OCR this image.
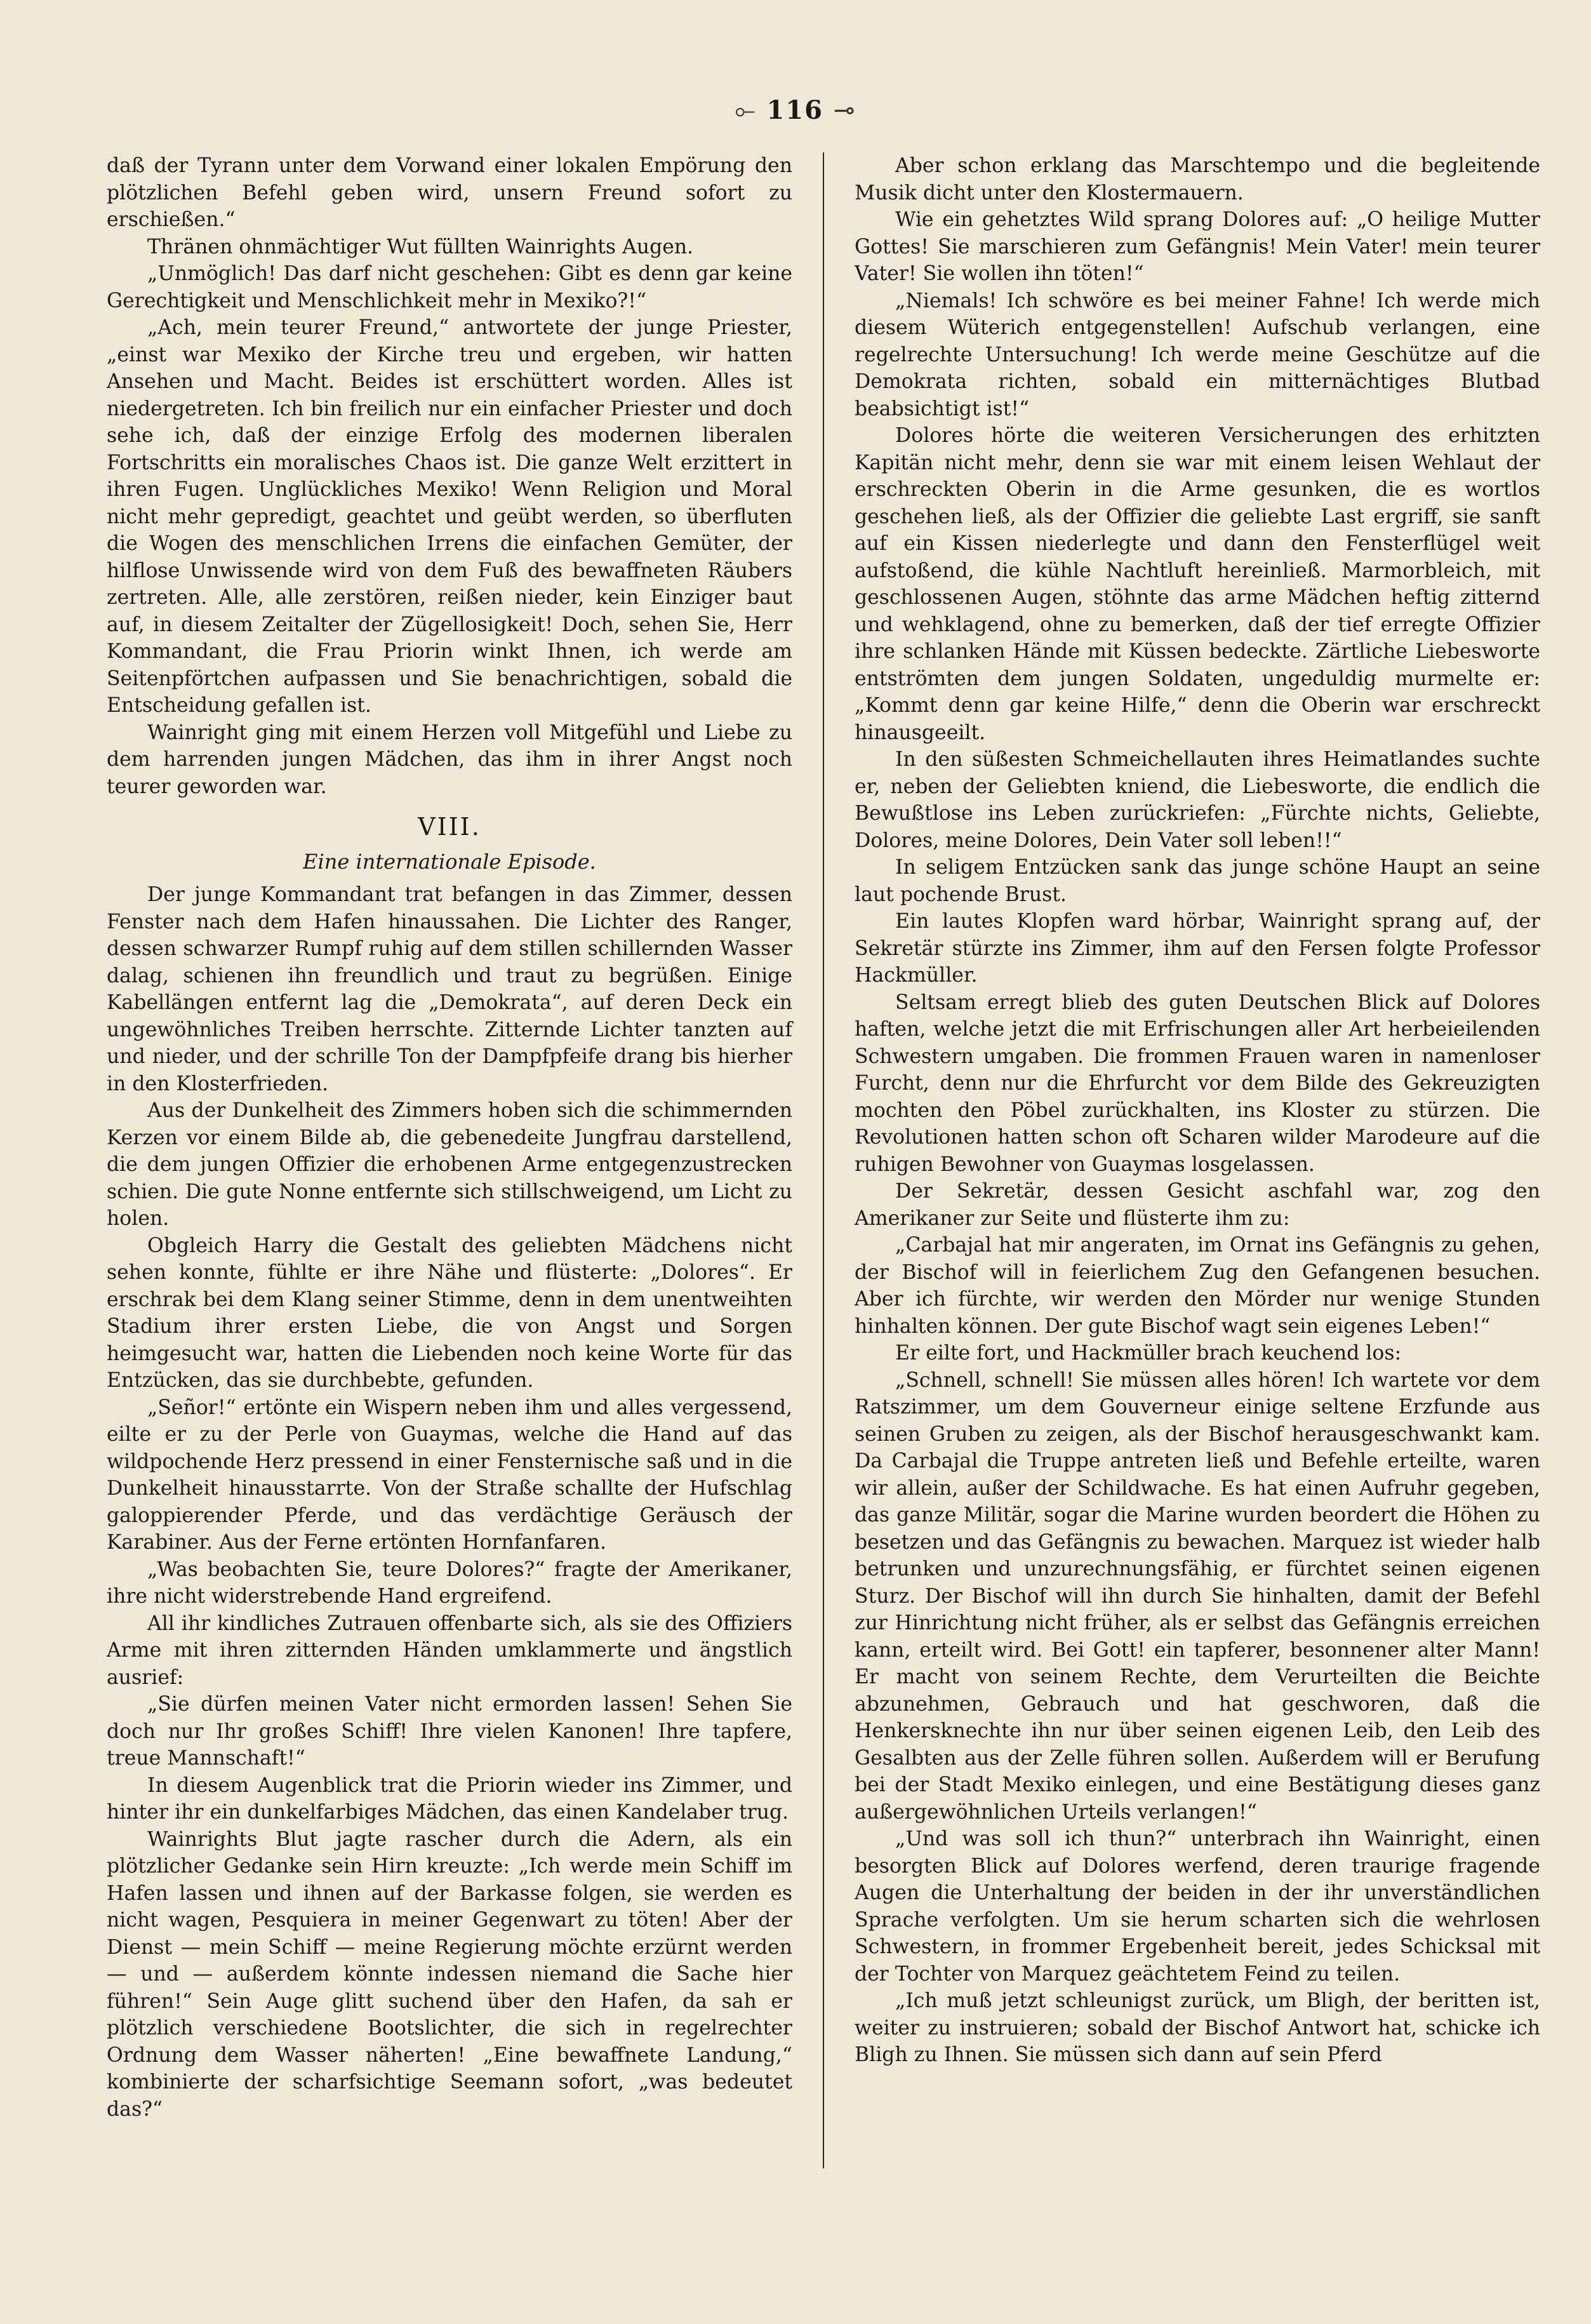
⟜ 116 ⊸

daß der Tyrann unter dem Vorwand einer lokalen Empörung den plötzlichen Befehl geben wird, unsern Freund sofort zu erschießen.“

Thränen ohnmächtiger Wut füllten Wainrights Augen.

„Unmöglich! Das darf nicht geschehen: Gibt es denn gar keine Gerechtigkeit und Menschlichkeit mehr in Mexiko?!“

„Ach, mein teurer Freund,“ antwortete der junge Priester, „einst war Mexiko der Kirche treu und ergeben, wir hatten Ansehen und Macht. Beides ist erschüttert worden. Alles ist niedergetreten. Ich bin freilich nur ein einfacher Priester und doch sehe ich, daß der einzige Erfolg des modernen liberalen Fortschritts ein moralisches Chaos ist. Die ganze Welt erzittert in ihren Fugen. Unglückliches Mexiko! Wenn Religion und Moral nicht mehr gepredigt, geachtet und geübt werden, so überfluten die Wogen des menschlichen Irrens die einfachen Gemüter, der hilflose Unwissende wird von dem Fuß des bewaffneten Räubers zertreten. Alle, alle zerstören, reißen nieder, kein Einziger baut auf, in diesem Zeitalter der Zügellosigkeit! Doch, sehen Sie, Herr Kommandant, die Frau Priorin winkt Ihnen, ich werde am Seitenpförtchen aufpassen und Sie benachrichtigen, sobald die Entscheidung gefallen ist.

Wainright ging mit einem Herzen voll Mitgefühl und Liebe zu dem harrenden jungen Mädchen, das ihm in ihrer Angst noch teurer geworden war.

VIII.
Eine internationale Episode.

Der junge Kommandant trat befangen in das Zimmer, dessen Fenster nach dem Hafen hinaussahen. Die Lichter des Ranger, dessen schwarzer Rumpf ruhig auf dem stillen schillernden Wasser dalag, schienen ihn freundlich und traut zu begrüßen. Einige Kabellängen entfernt lag die „Demokrata“, auf deren Deck ein ungewöhnliches Treiben herrschte. Zitternde Lichter tanzten auf und nieder, und der schrille Ton der Dampfpfeife drang bis hierher in den Klosterfrieden.

Aus der Dunkelheit des Zimmers hoben sich die schimmernden Kerzen vor einem Bilde ab, die gebenedeite Jungfrau darstellend, die dem jungen Offizier die erhobenen Arme entgegenzustrecken schien. Die gute Nonne entfernte sich stillschweigend, um Licht zu holen.

Obgleich Harry die Gestalt des geliebten Mädchens nicht sehen konnte, fühlte er ihre Nähe und flüsterte: „Dolores“. Er erschrak bei dem Klang seiner Stimme, denn in dem unentweihten Stadium ihrer ersten Liebe, die von Angst und Sorgen heimgesucht war, hatten die Liebenden noch keine Worte für das Entzücken, das sie durchbebte, gefunden.

„Señor!“ ertönte ein Wispern neben ihm und alles vergessend, eilte er zu der Perle von Guaymas, welche die Hand auf das wildpochende Herz pressend in einer Fensternische saß und in die Dunkelheit hinausstarrte. Von der Straße schallte der Hufschlag galoppierender Pferde, und das verdächtige Geräusch der Karabiner. Aus der Ferne ertönten Hornfanfaren.

„Was beobachten Sie, teure Dolores?“ fragte der Amerikaner, ihre nicht widerstrebende Hand ergreifend.

All ihr kindliches Zutrauen offenbarte sich, als sie des Offiziers Arme mit ihren zitternden Händen umklammerte und ängstlich ausrief:

„Sie dürfen meinen Vater nicht ermorden lassen! Sehen Sie doch nur Ihr großes Schiff! Ihre vielen Kanonen! Ihre tapfere, treue Mannschaft!“

In diesem Augenblick trat die Priorin wieder ins Zimmer, und hinter ihr ein dunkelfarbiges Mädchen, das einen Kandelaber trug.

Wainrights Blut jagte rascher durch die Adern, als ein plötzlicher Gedanke sein Hirn kreuzte: „Ich werde mein Schiff im Hafen lassen und ihnen auf der Barkasse folgen, sie werden es nicht wagen, Pesquiera in meiner Gegenwart zu töten! Aber der Dienst — mein Schiff — meine Regierung möchte erzürnt werden — und — außerdem könnte indessen niemand die Sache hier führen!“ Sein Auge glitt suchend über den Hafen, da sah er plötzlich verschiedene Bootslichter, die sich in regelrechter Ordnung dem Wasser näherten! „Eine bewaffnete Landung,“ kombinierte der scharfsichtige Seemann sofort, „was bedeutet das?“

Aber schon erklang das Marschtempo und die begleitende Musik dicht unter den Klostermauern.

Wie ein gehetztes Wild sprang Dolores auf: „O heilige Mutter Gottes! Sie marschieren zum Gefängnis! Mein Vater! mein teurer Vater! Sie wollen ihn töten!“

„Niemals! Ich schwöre es bei meiner Fahne! Ich werde mich diesem Wüterich entgegenstellen! Aufschub verlangen, eine regelrechte Untersuchung! Ich werde meine Geschütze auf die Demokrata richten, sobald ein mitternächtiges Blutbad beabsichtigt ist!“

Dolores hörte die weiteren Versicherungen des erhitzten Kapitän nicht mehr, denn sie war mit einem leisen Wehlaut der erschreckten Oberin in die Arme gesunken, die es wortlos geschehen ließ, als der Offizier die geliebte Last ergriff, sie sanft auf ein Kissen niederlegte und dann den Fensterflügel weit aufstoßend, die kühle Nachtluft hereinließ. Marmorbleich, mit geschlossenen Augen, stöhnte das arme Mädchen heftig zitternd und wehklagend, ohne zu bemerken, daß der tief erregte Offizier ihre schlanken Hände mit Küssen bedeckte. Zärtliche Liebesworte entströmten dem jungen Soldaten, ungeduldig murmelte er: „Kommt denn gar keine Hilfe,“ denn die Oberin war erschreckt hinausgeeilt.

In den süßesten Schmeichellauten ihres Heimatlandes suchte er, neben der Geliebten kniend, die Liebesworte, die endlich die Bewußtlose ins Leben zurückriefen: „Fürchte nichts, Geliebte, Dolores, meine Dolores, Dein Vater soll leben!!“

In seligem Entzücken sank das junge schöne Haupt an seine laut pochende Brust.

Ein lautes Klopfen ward hörbar, Wainright sprang auf, der Sekretär stürzte ins Zimmer, ihm auf den Fersen folgte Professor Hackmüller.

Seltsam erregt blieb des guten Deutschen Blick auf Dolores haften, welche jetzt die mit Erfrischungen aller Art herbeieilenden Schwestern umgaben. Die frommen Frauen waren in namenloser Furcht, denn nur die Ehrfurcht vor dem Bilde des Gekreuzigten mochten den Pöbel zurückhalten, ins Kloster zu stürzen. Die Revolutionen hatten schon oft Scharen wilder Marodeure auf die ruhigen Bewohner von Guaymas losgelassen.

Der Sekretär, dessen Gesicht aschfahl war, zog den Amerikaner zur Seite und flüsterte ihm zu:

„Carbajal hat mir angeraten, im Ornat ins Gefängnis zu gehen, der Bischof will in feierlichem Zug den Gefangenen besuchen. Aber ich fürchte, wir werden den Mörder nur wenige Stunden hinhalten können. Der gute Bischof wagt sein eigenes Leben!“

Er eilte fort, und Hackmüller brach keuchend los:

„Schnell, schnell! Sie müssen alles hören! Ich wartete vor dem Ratszimmer, um dem Gouverneur einige seltene Erzfunde aus seinen Gruben zu zeigen, als der Bischof herausgeschwankt kam. Da Carbajal die Truppe antreten ließ und Befehle erteilte, waren wir allein, außer der Schildwache. Es hat einen Aufruhr gegeben, das ganze Militär, sogar die Marine wurden beordert die Höhen zu besetzen und das Gefängnis zu bewachen. Marquez ist wieder halb betrunken und unzurechnungsfähig, er fürchtet seinen eigenen Sturz. Der Bischof will ihn durch Sie hinhalten, damit der Befehl zur Hinrichtung nicht früher, als er selbst das Gefängnis erreichen kann, erteilt wird. Bei Gott! ein tapferer, besonnener alter Mann! Er macht von seinem Rechte, dem Verurteilten die Beichte abzunehmen, Gebrauch und hat geschworen, daß die Henkersknechte ihn nur über seinen eigenen Leib, den Leib des Gesalbten aus der Zelle führen sollen. Außerdem will er Berufung bei der Stadt Mexiko einlegen, und eine Bestätigung dieses ganz außergewöhnlichen Urteils verlangen!“

„Und was soll ich thun?“ unterbrach ihn Wainright, einen besorgten Blick auf Dolores werfend, deren traurige fragende Augen die Unterhaltung der beiden in der ihr unverständlichen Sprache verfolgten. Um sie herum scharten sich die wehrlosen Schwestern, in frommer Ergebenheit bereit, jedes Schicksal mit der Tochter von Marquez geächtetem Feind zu teilen.

„Ich muß jetzt schleunigst zurück, um Bligh, der beritten ist, weiter zu instruieren; sobald der Bischof Antwort hat, schicke ich Bligh zu Ihnen. Sie müssen sich dann auf sein Pferd
